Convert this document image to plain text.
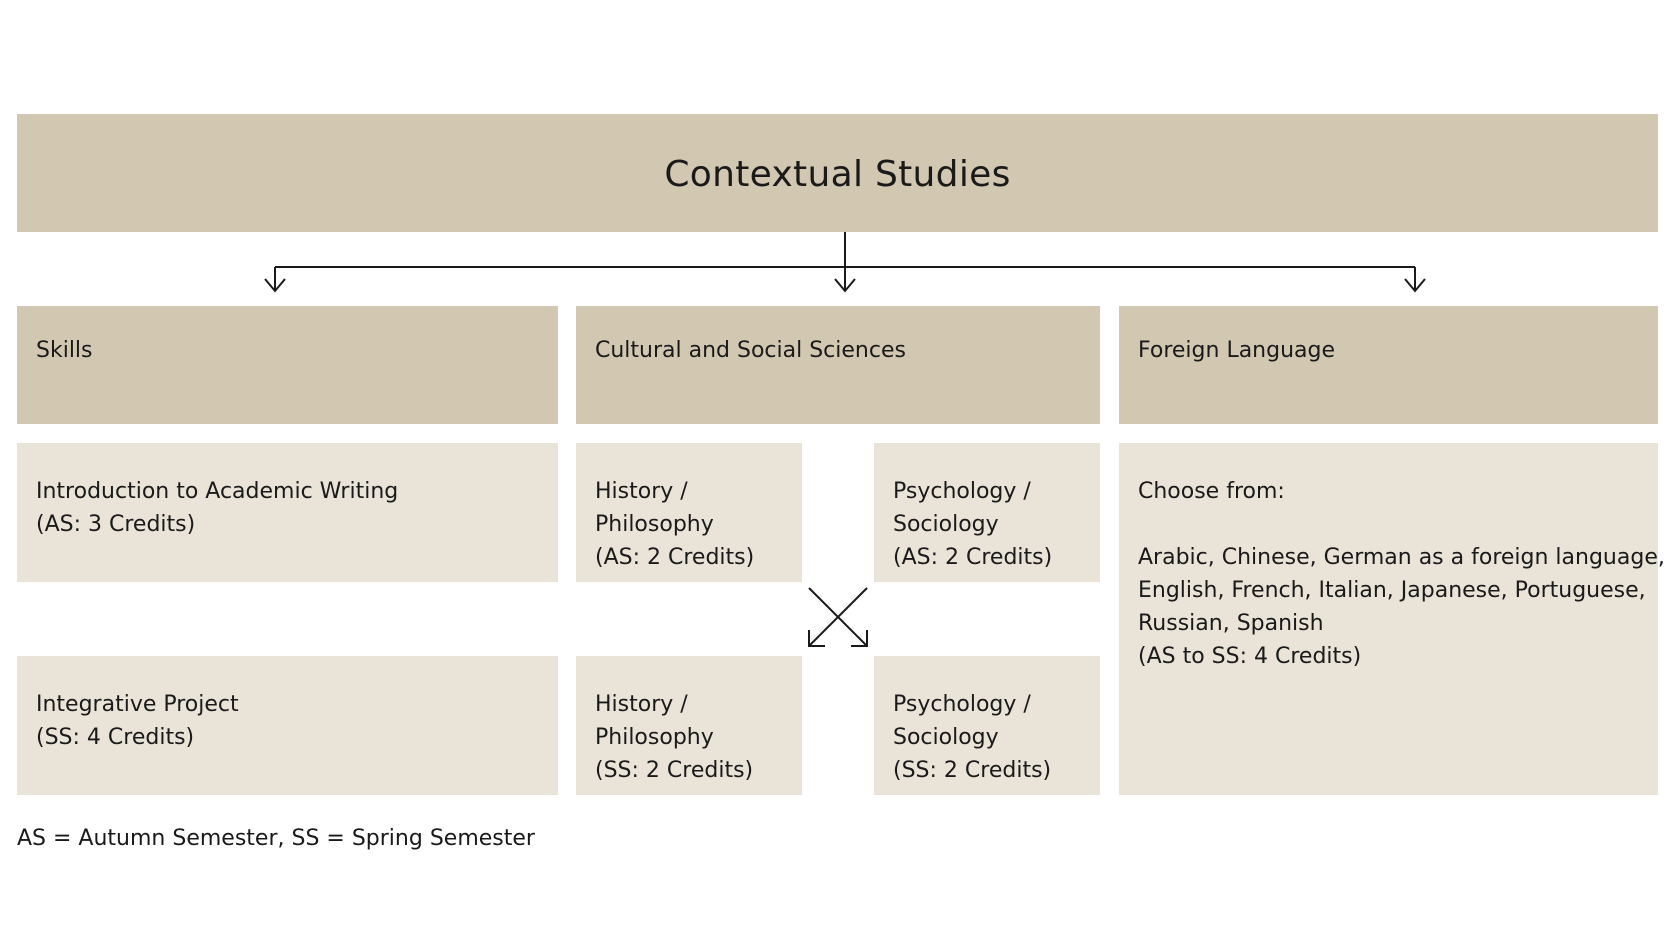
Contextual Studies
Skills	Cultural and Social Sciences	Foreign Language
Introduction to Academic Writing
(AS: 3 Credits)
Integrative Project
(SS: 4 Credits)
History /
Philosophy
(AS: 2 Credits)
Psychology /
Sociology
(AS: 2 Credits)
History /
Philosophy
(SS: 2 Credits)
Psychology /
Sociology
(SS: 2 Credits)
Choose from:
Arabic, Chinese, German as a foreign language,
English, French, Italian, Japanese, Portuguese,
Russian, Spanish
(AS to SS: 4 Credits)
AS = Autumn Semester, SS = Spring Semester
